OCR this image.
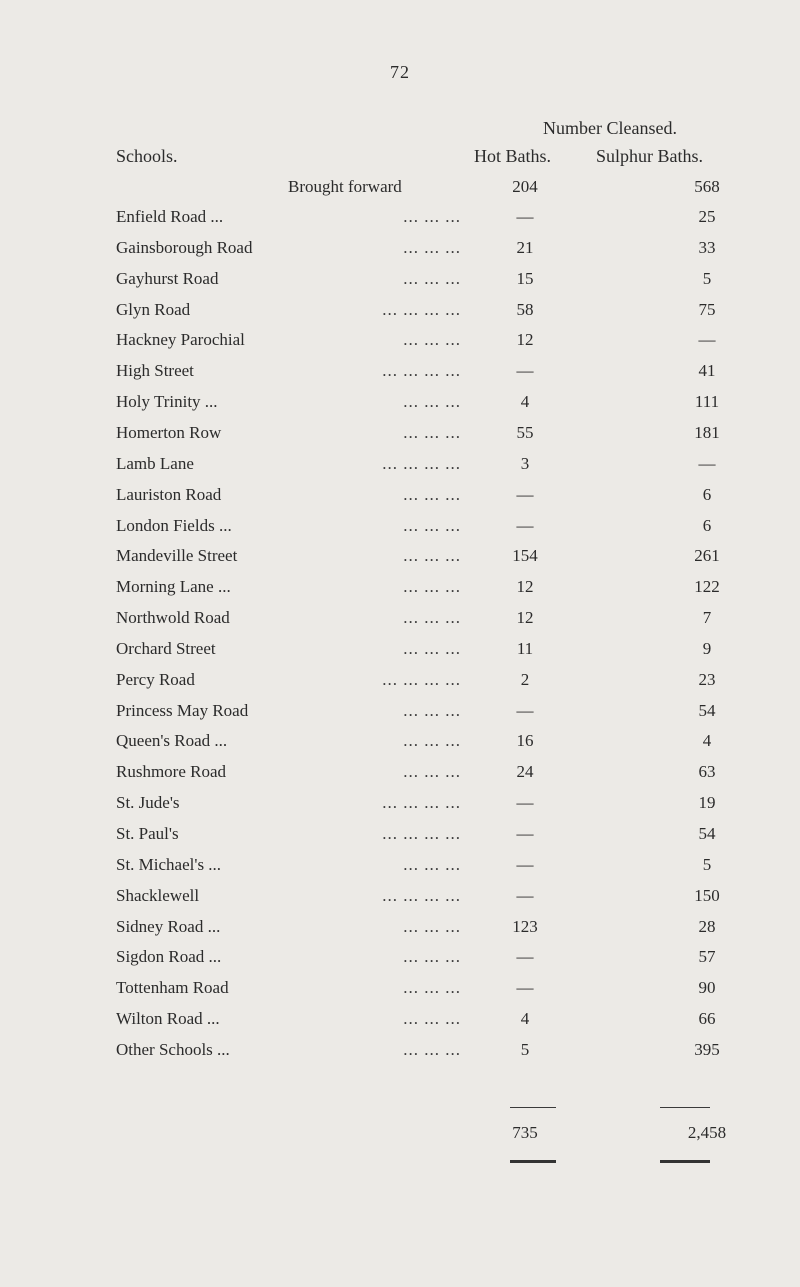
72
Number Cleansed.
Schools.	Hot Baths. Sulphur Baths.
Brought forward	204	568
... ... ...
Enfield Road ...	—	25
... ... ...
Gainsborough Road	21	33
... ... ...
Gayhurst Road	15	5
... ... ... ...
Glyn Road	58	75
... ... ...
Hackney Parochial	12	—
... ... ... ...
High Street	—	41
... ... ...
Holy Trinity ...	4	111
... ... ...
Homerton Row	55	181
... ... ... ...
Lamb Lane	3	—
... ... ...
Lauriston Road	—	6
... ... ...
London Fields ...	—	6
... ... ...
Mandeville Street	154	261
... ... ...
Morning Lane ...	12	122
... ... ...
Northwold Road	12	7
... ... ...
Orchard Street	11	9
... ... ... ...
Percy Road	2	23
... ... ...
Princess May Road	—	54
... ... ...
Queen's Road ...	16	4
... ... ...
Rushmore Road	24	63
... ... ... ...
St. Jude's	—	19
... ... ... ...
St. Paul's	—	54
... ... ...
St. Michael's ...	—	5
... ... ... ...
Shacklewell	—	150
... ... ...
Sidney Road ...	123	28
... ... ...
Sigdon Road ...	—	57
... ... ...
Tottenham Road	—	90
... ... ...
Wilton Road ...	4	66
... ... ...
Other Schools ...	5	395
735	2,458
